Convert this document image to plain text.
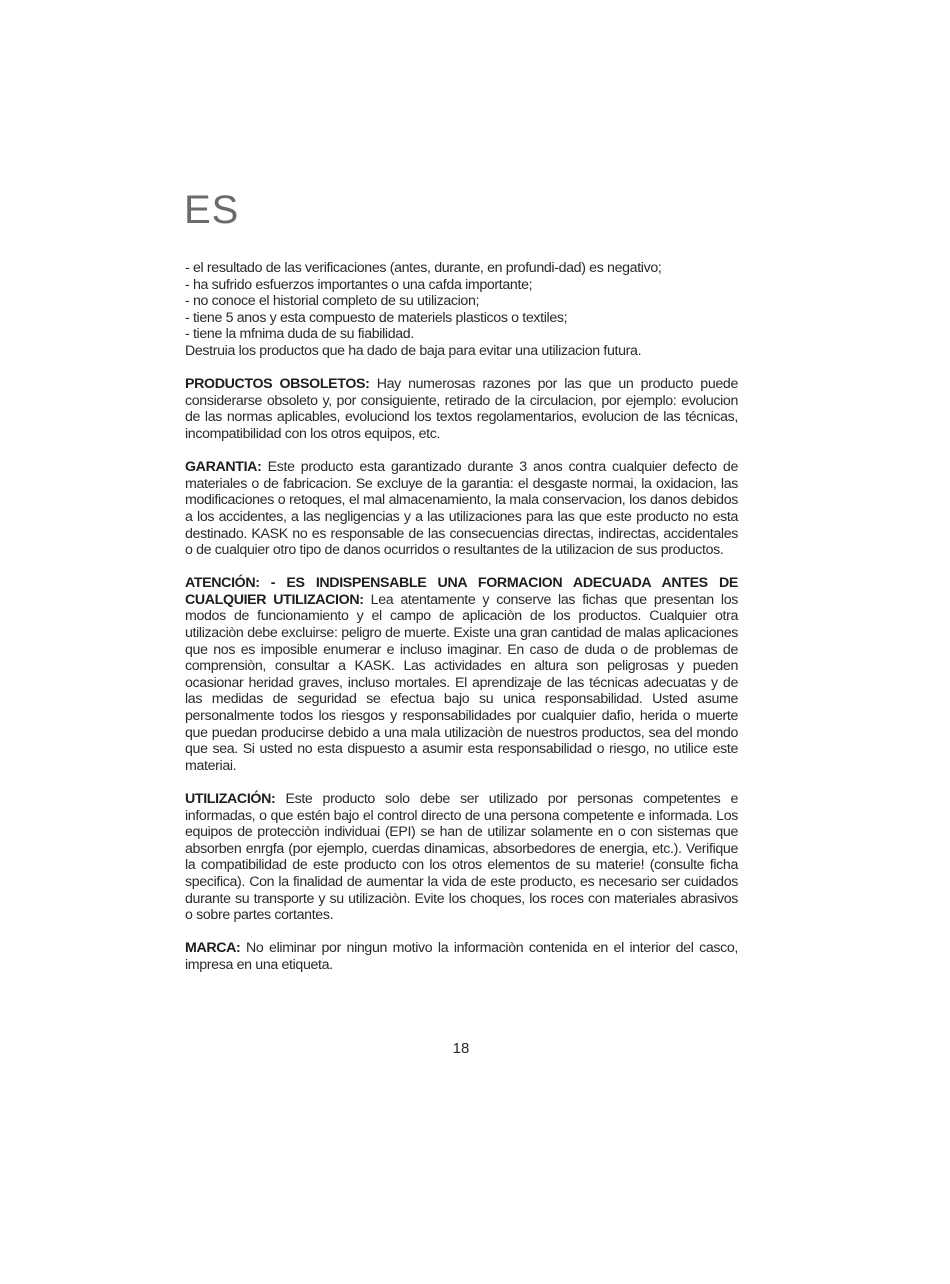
ES
- el resultado de las verificaciones (antes, durante, en profundi-dad) es negativo;
- ha sufrido esfuerzos importantes o una cafda importante;
- no conoce el historial completo de su utilizacion;
- tiene 5 anos y esta compuesto de materiels plasticos o textiles;
- tiene la mfnima duda de su fiabilidad.
Destruia los productos que ha dado de baja para evitar una utilizacion futura.

PRODUCTOS OBSOLETOS: Hay numerosas razones por las que un producto puede considerarse obsoleto y, por consiguiente, retirado de la circulacion, por ejemplo: evolucion de las normas aplicables, evoluciond los textos regolamentarios, evolucion de las técnicas, incompatibilidad con los otros equipos, etc.

GARANTIA: Este producto esta garantizado durante 3 anos contra cualquier defecto de materiales o de fabricacion. Se excluye de la garantia: el desgaste normai, la oxidacion, las modificaciones o retoques, el mal almacenamiento, la mala conservacion, los danos debidos a los accidentes, a las negligencias y a las utilizaciones para las que este producto no esta destinado. KASK no es responsable de las consecuencias directas, indirectas, accidentales o de cualquier otro tipo de danos ocurridos o resultantes de la utilizacion de sus productos.

ATENCIÓN: - ES INDISPENSABLE UNA FORMACION ADECUADA ANTES DE CUALQUIER UTILIZACION: Lea atentamente y conserve las fichas que presentan los modos de funcionamiento y el campo de aplicaciòn de los productos. Cualquier otra utilizaciòn debe excluirse: peligro de muerte. Existe una gran cantidad de malas aplicaciones que nos es imposible enumerar e incluso imaginar. En caso de duda o de problemas de comprensiòn, consultar a KASK. Las actividades en altura son peligrosas y pueden ocasionar heridad graves, incluso mortales. El aprendizaje de las técnicas adecuatas y de las medidas de seguridad se efectua bajo su unica responsabilidad. Usted asume personalmente todos los riesgos y responsabilidades por cualquier dafio, herida o muerte que puedan producirse debido a una mala utilizaciòn de nuestros productos, sea del mondo que sea. Si usted no esta dispuesto a asumir esta responsabilidad o riesgo, no utilice este materiai.

UTILIZACIÓN: Este producto solo debe ser utilizado por personas competentes e informadas, o que estén bajo el control directo de una persona competente e informada. Los equipos de protecciòn individuai (EPI) se han de utilizar solamente en o con sistemas que absorben enrgfa (por ejemplo, cuerdas dinamicas, absorbedores de energia, etc.). Verifique la compatibilidad de este producto con los otros elementos de su materie! (consulte ficha specifica). Con la finalidad de aumentar la vida de este producto, es necesario ser cuidados durante su transporte y su utilizaciòn. Evite los choques, los roces con materiales abrasivos o sobre partes cortantes.

MARCA: No eliminar por ningun motivo la informaciòn contenida en el interior del casco, impresa en una etiqueta.

18
